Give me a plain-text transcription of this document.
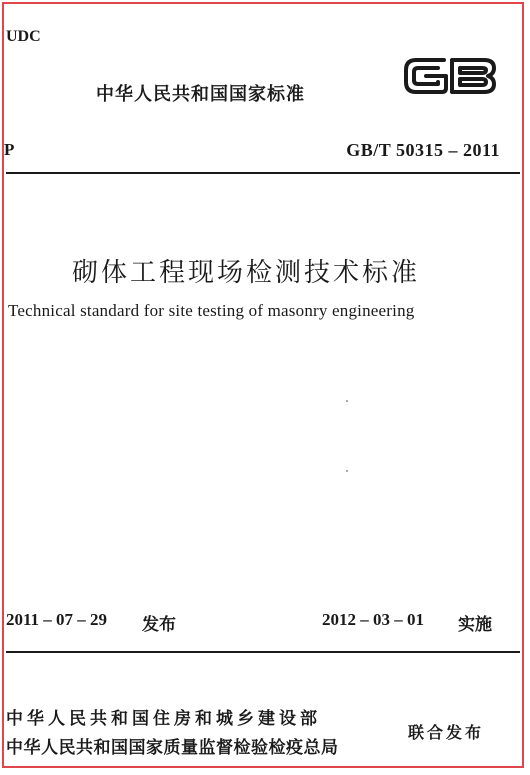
UDC
中华人民共和国国家标准
P	GB/T 50315 – 2011
砌体工程现场检测技术标准
Technical standard for site testing of masonry engineering
2011 – 07 – 29 发布	2012 – 03 – 01 实施
中华人民共和国住房和城乡建设部
中华人民共和国国家质量监督检验检疫总局
联合发布
